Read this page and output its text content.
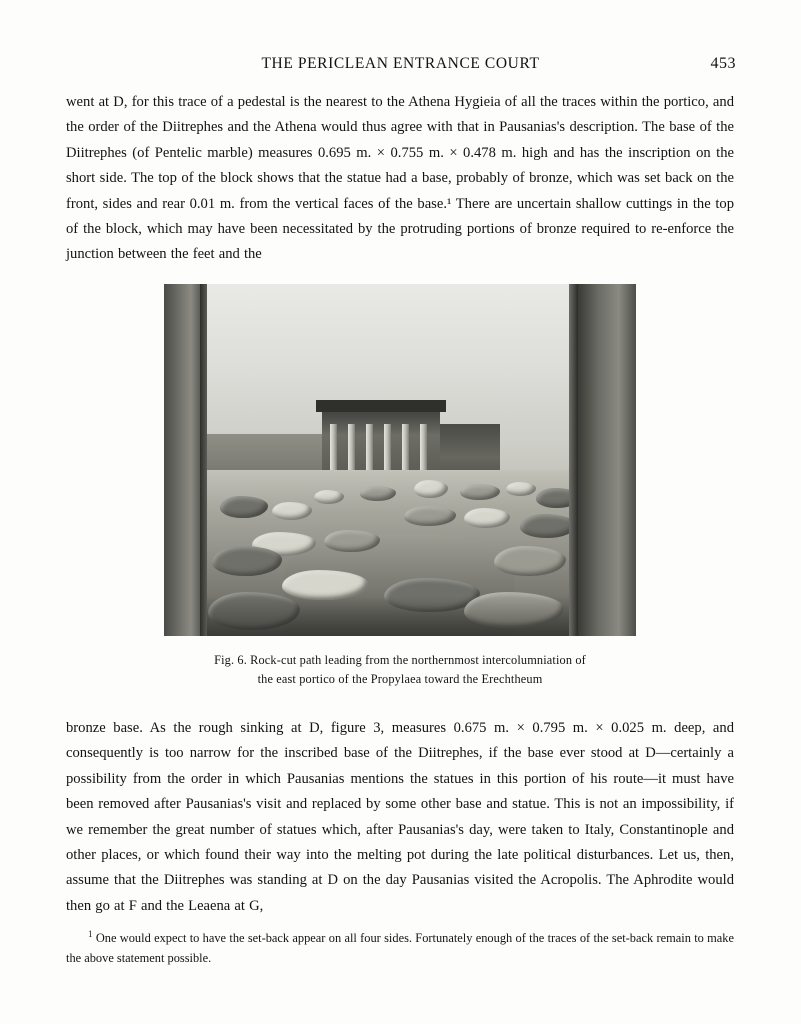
THE PERICLEAN ENTRANCE COURT	453

went at D, for this trace of a pedestal is the nearest to the Athena Hygieia of all the traces within the portico, and the order of the Diitrephes and the Athena would thus agree with that in Pausanias's description. The base of the Diitrephes (of Pentelic marble) measures 0.695 m. × 0.755 m. × 0.478 m. high and has the inscription on the short side. The top of the block shows that the statue had a base, probably of bronze, which was set back on the front, sides and rear 0.01 m. from the vertical faces of the base.¹ There are uncertain shallow cuttings in the top of the block, which may have been necessitated by the protruding portions of bronze required to re-enforce the junction between the feet and the

Fig. 6. Rock-cut path leading from the northernmost intercolumniation of
the east portico of the Propylaea toward the Erechtheum

bronze base. As the rough sinking at D, figure 3, measures 0.675 m. × 0.795 m. × 0.025 m. deep, and consequently is too narrow for the inscribed base of the Diitrephes, if the base ever stood at D—certainly a possibility from the order in which Pausanias mentions the statues in this portion of his route—it must have been removed after Pausanias's visit and replaced by some other base and statue. This is not an impossibility, if we remember the great number of statues which, after Pausanias's day, were taken to Italy, Constantinople and other places, or which found their way into the melting pot during the late political disturbances. Let us, then, assume that the Diitrephes was standing at D on the day Pausanias visited the Acropolis. The Aphrodite would then go at F and the Leaena at G,

$^1$ One would expect to have the set-back appear on all four sides. Fortunately enough of the traces of the set-back remain to make the above statement possible.
